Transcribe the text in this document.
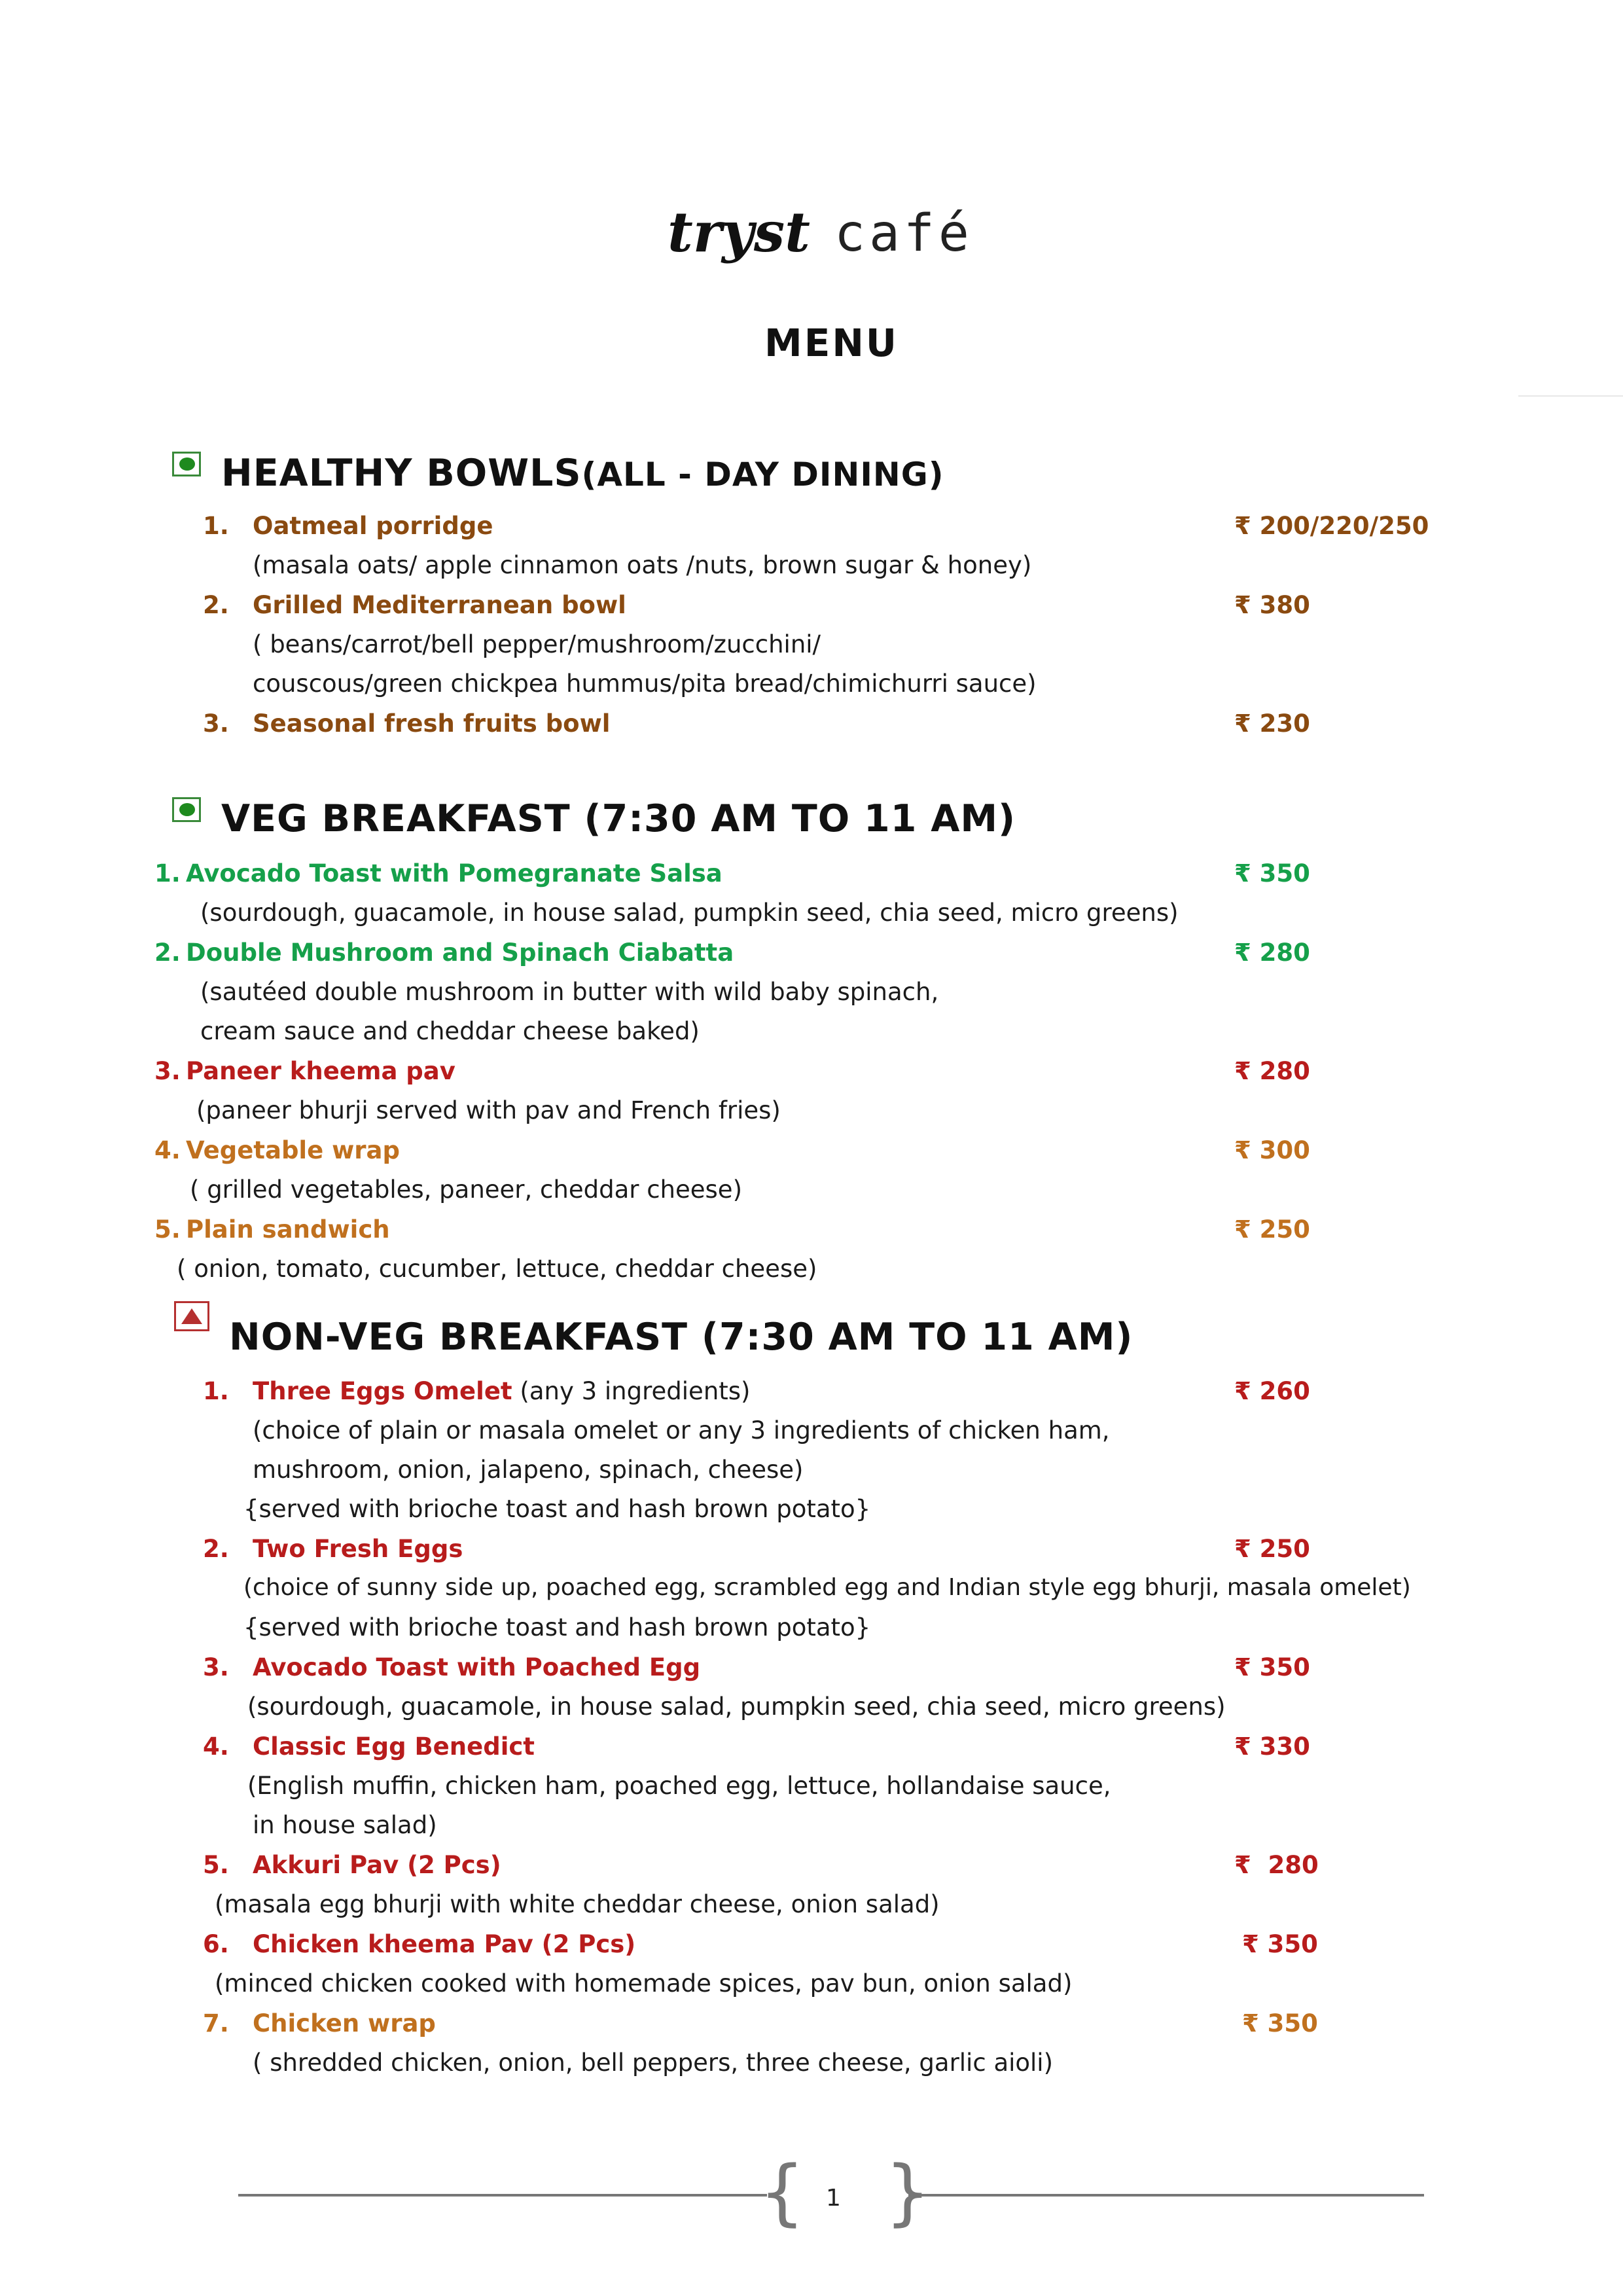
tryst café
MENU
HEALTHY BOWLS(ALL - DAY DINING)
1. Oatmeal porridge	₹ 200/220/250
(masala oats/ apple cinnamon oats /nuts, brown sugar & honey)
2. Grilled Mediterranean bowl	₹ 380
( beans/carrot/bell pepper/mushroom/zucchini/
couscous/green chickpea hummus/pita bread/chimichurri sauce)
3. Seasonal fresh fruits bowl	₹ 230
VEG BREAKFAST (7:30 AM TO 11 AM)
1. Avocado Toast with Pomegranate Salsa	₹ 350
(sourdough, guacamole, in house salad, pumpkin seed, chia seed, micro greens)
2. Double Mushroom and Spinach Ciabatta	₹ 280
(sautéed double mushroom in butter with wild baby spinach,
cream sauce and cheddar cheese baked)
3. Paneer kheema pav	₹ 280
(paneer bhurji served with pav and French fries)
4. Vegetable wrap	₹ 300
( grilled vegetables, paneer, cheddar cheese)
5. Plain sandwich	₹ 250
( onion, tomato, cucumber, lettuce, cheddar cheese)
NON-VEG BREAKFAST (7:30 AM TO 11 AM)
1. Three Eggs Omelet (any 3 ingredients)	₹ 260
(choice of plain or masala omelet or any 3 ingredients of chicken ham,
mushroom, onion, jalapeno, spinach, cheese)
{served with brioche toast and hash brown potato}
2. Two Fresh Eggs	₹ 250
(choice of sunny side up, poached egg, scrambled egg and Indian style egg bhurji, masala omelet)
{served with brioche toast and hash brown potato}
3. Avocado Toast with Poached Egg	₹ 350
(sourdough, guacamole, in house salad, pumpkin seed, chia seed, micro greens)
4. Classic Egg Benedict	₹ 330
(English muffin, chicken ham, poached egg, lettuce, hollandaise sauce,
in house salad)
5. Akkuri Pav (2 Pcs)	₹  280
(masala egg bhurji with white cheddar cheese, onion salad)
6. Chicken kheema Pav (2 Pcs)	₹ 350
(minced chicken cooked with homemade spices, pav bun, onion salad)
7. Chicken wrap	₹ 350
( shredded chicken, onion, bell peppers, three cheese, garlic aioli)
{ }
1
